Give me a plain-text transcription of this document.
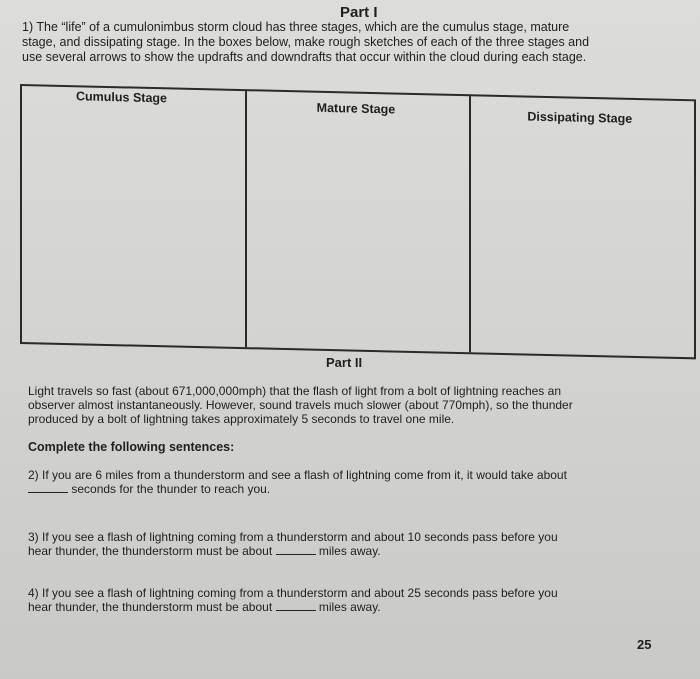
Part I
1) The “life” of a cumulonimbus storm cloud has three stages, which are the cumulus stage, mature
stage, and dissipating stage. In the boxes below, make rough sketches of each of the three stages and
use several arrows to show the updrafts and downdrafts that occur within the cloud during each stage.
Cumulus Stage
Mature Stage
Dissipating Stage
Part II
Light travels so fast (about 671,000,000mph) that the flash of light from a bolt of lightning reaches an
observer almost instantaneously. However, sound travels much slower (about 770mph), so the thunder
produced by a bolt of lightning takes approximately 5 seconds to travel one mile.
Complete the following sentences:
2) If you are 6 miles from a thunderstorm and see a flash of lightning come from it, it would take about
seconds for the thunder to reach you.
3) If you see a flash of lightning coming from a thunderstorm and about 10 seconds pass before you
hear thunder, the thunderstorm must be about	miles away.
4) If you see a flash of lightning coming from a thunderstorm and about 25 seconds pass before you
hear thunder, the thunderstorm must be about	miles away.
25
